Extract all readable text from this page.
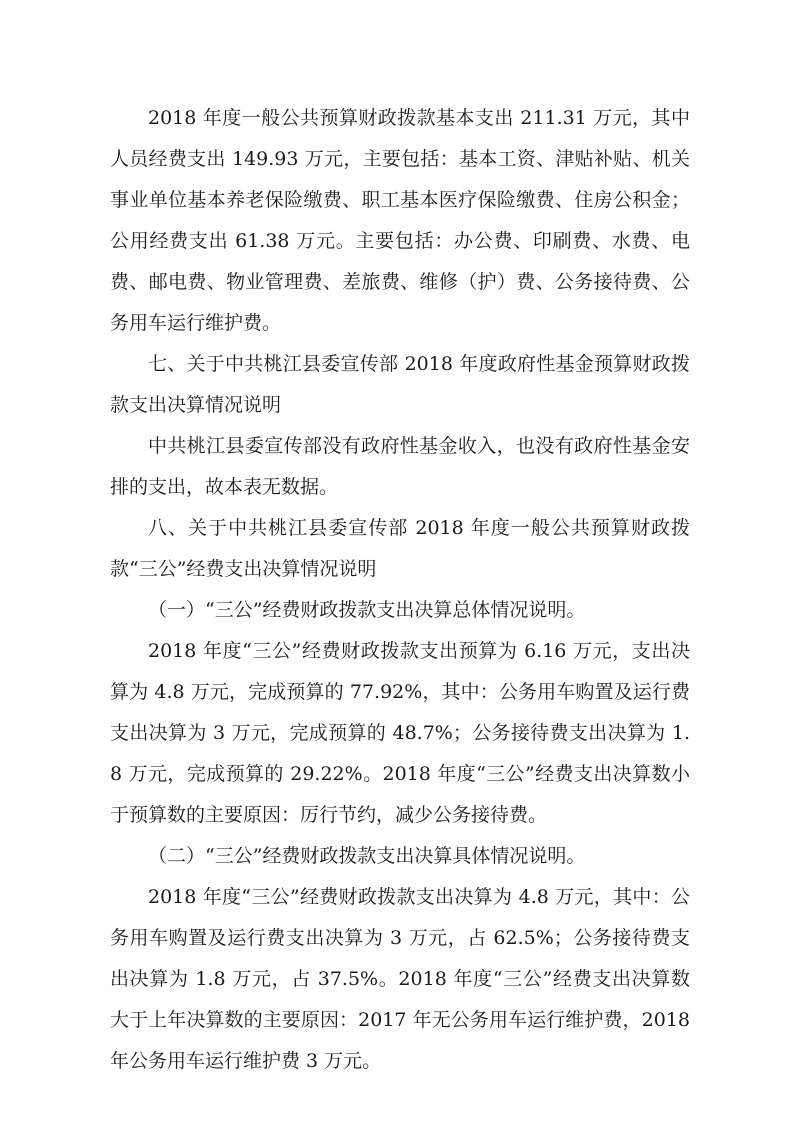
2018 年度一般公共预算财政拨款基本支出 211.31 万元，其中人员经费支出 149.93 万元，主要包括：基本工资、津贴补贴、机关事业单位基本养老保险缴费、职工基本医疗保险缴费、住房公积金；公用经费支出 61.38 万元。主要包括：办公费、印刷费、水费、电费、邮电费、物业管理费、差旅费、维修（护）费、公务接待费、公务用车运行维护费。

七、关于中共桃江县委宣传部 2018 年度政府性基金预算财政拨款支出决算情况说明

中共桃江县委宣传部没有政府性基金收入，也没有政府性基金安排的支出，故本表无数据。

八、关于中共桃江县委宣传部 2018 年度一般公共预算财政拨款“三公”经费支出决算情况说明

（一）“三公”经费财政拨款支出决算总体情况说明。

2018 年度“三公”经费财政拨款支出预算为 6.16 万元，支出决算为 4.8 万元，完成预算的 77.92%，其中：公务用车购置及运行费支出决算为 3 万元，完成预算的 48.7%；公务接待费支出决算为 1.8 万元，完成预算的 29.22%。2018 年度“三公”经费支出决算数小于预算数的主要原因：厉行节约，减少公务接待费。

（二）“三公”经费财政拨款支出决算具体情况说明。

2018 年度“三公”经费财政拨款支出决算为 4.8 万元，其中：公务用车购置及运行费支出决算为 3 万元，占 62.5%；公务接待费支出决算为 1.8 万元，占 37.5%。2018 年度“三公”经费支出决算数大于上年决算数的主要原因：2017 年无公务用车运行维护费，2018 年公务用车运行维护费 3 万元。
